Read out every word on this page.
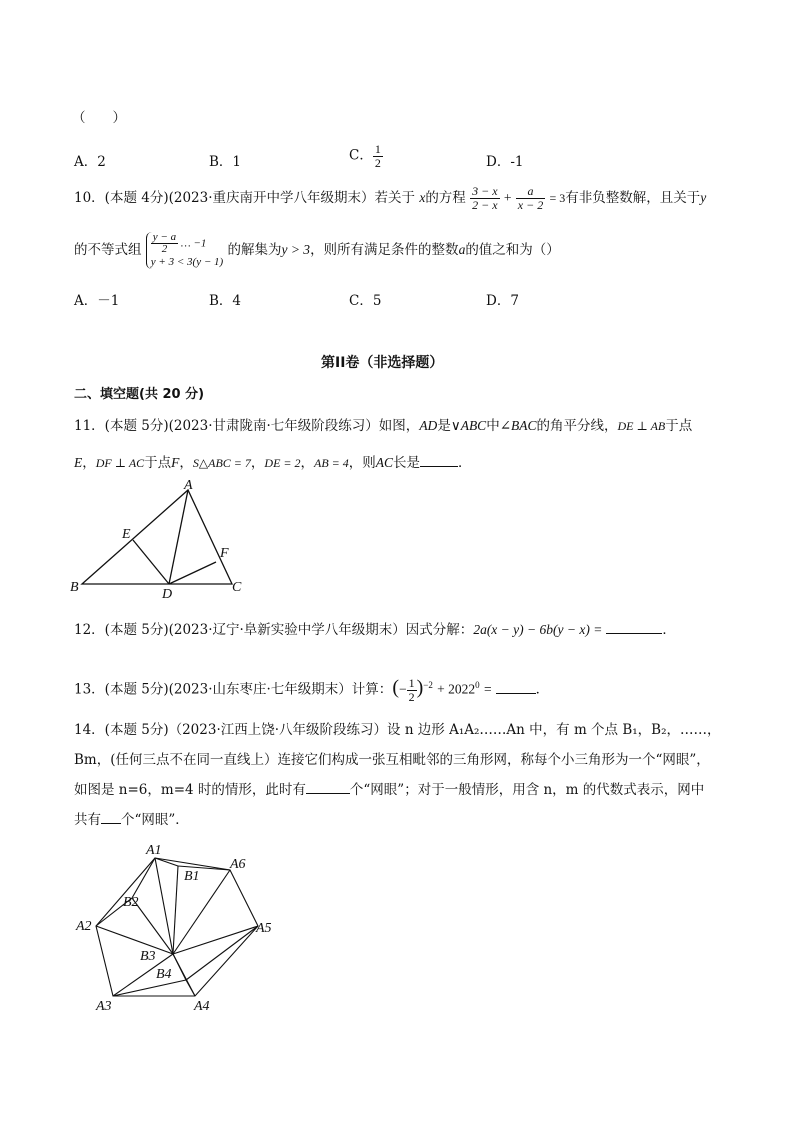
（　　）
A．2	B．1	C． $\frac{1}{2}$	D．-1
10．(本题 4分)(2023·重庆南开中学八年级期末）若关于 x的方程 $\frac{3 - x}{2 - x} + \frac{a}{x - 2} = 3$有非负整数解，且关于y
的不等式组 $\frac{y - a}{2}$ … −1
y + 3 < 3(y − 1)
的解集为y > 3，则所有满足条件的整数a的值之和为（）
A．－1	B．4	C．5	D．7
第II卷（非选择题）
二、填空题(共 20 分)
11．(本题 5分)(2023·甘肃陇南·七年级阶段练习）如图，AD是∨ABC中∠BAC的角平分线，DE ⊥ AB于点
E，DF ⊥ AC于点F，S△ABC = 7，DE = 2，AB = 4，则AC长是	．
A
B	C
D
E
F
12．(本题 5分)(2023·辽宁·阜新实验中学八年级期末）因式分解：2a(x − y) − 6b(y − x) =	．
13．(本题 5分)(2023·山东枣庄·七年级期末）计算：(− $\frac{1}{2} )^{-2} + 2022^0$ =	．
14．(本题 5分)（2023·江西上饶·八年级阶段练习）设 n 边形 A₁A₂……An 中，有 m 个点 B₁，B₂，……，
Bm，(任何三点不在同一直线上）连接它们构成一张互相毗邻的三角形网，称每个小三角形为一个“网眼”，
如图是 n=6，m=4 时的情形，此时有	个“网眼”；对于一般情形，用含 n，m 的代数式表示，网中
共有 个“网眼”．
A1
A6
A2	A5
A3	A4
B1
B2
B3
B4
